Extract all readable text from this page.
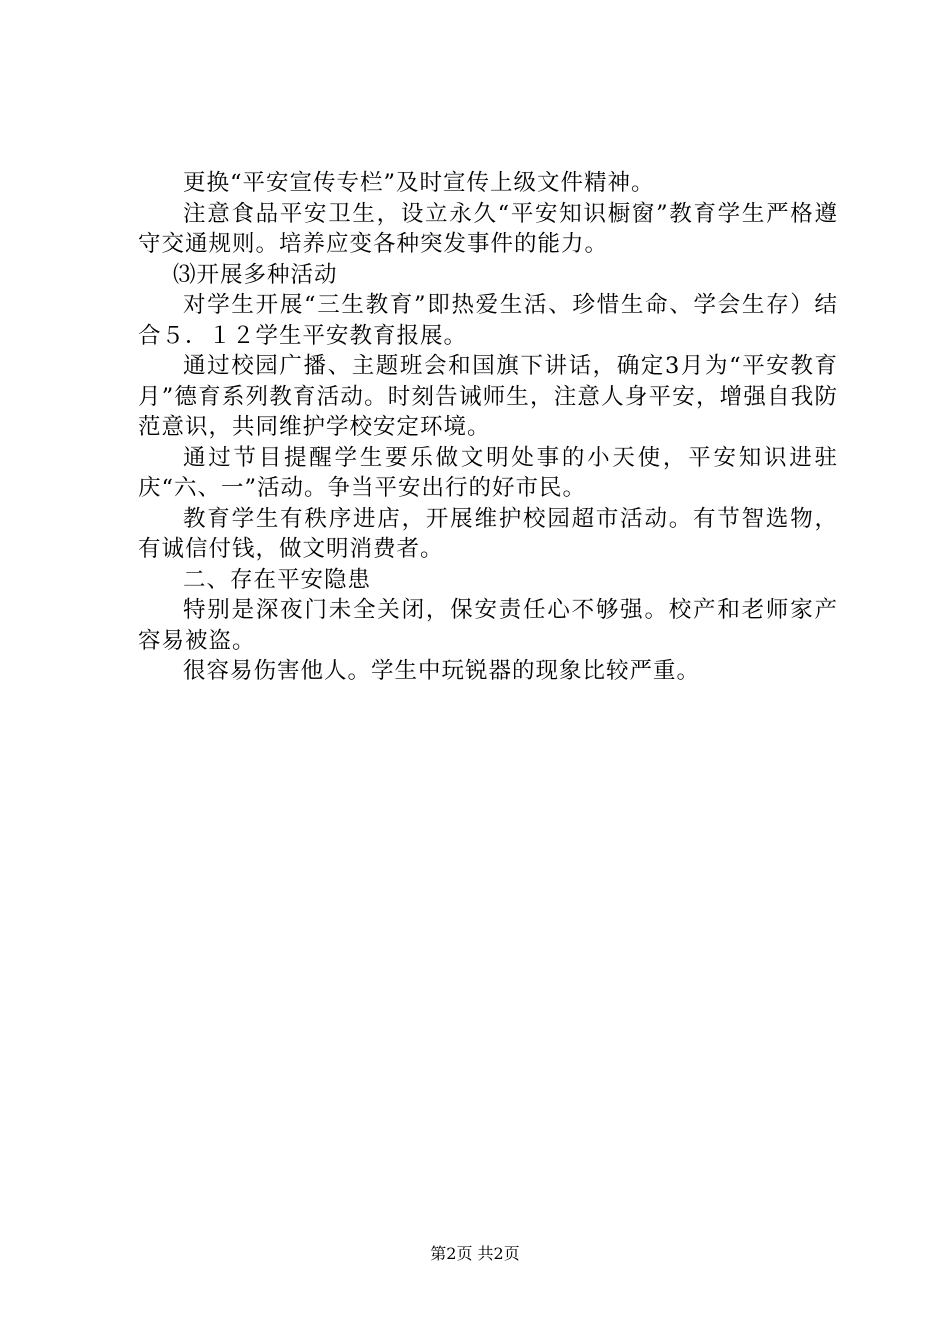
更换“平安宣传专栏”及时宣传上级文件精神。

注意食品平安卫生，设立永久“平安知识橱窗”教育学生严格遵守交通规则。培养应变各种突发事件的能力。

⑶开展多种活动

对学生开展“三生教育”即热爱生活、珍惜生命、学会生存）结合５．１２学生平安教育报展。

通过校园广播、主题班会和国旗下讲话，确定3月为“平安教育月”德育系列教育活动。时刻告诫师生，注意人身平安，增强自我防范意识，共同维护学校安定环境。

通过节目提醒学生要乐做文明处事的小天使，平安知识进驻庆“六、一”活动。争当平安出行的好市民。

教育学生有秩序进店，开展维护校园超市活动。有节智选物，有诚信付钱，做文明消费者。

二、存在平安隐患

特别是深夜门未全关闭，保安责任心不够强。校产和老师家产容易被盗。

很容易伤害他人。学生中玩锐器的现象比较严重。

第2页 共2页
